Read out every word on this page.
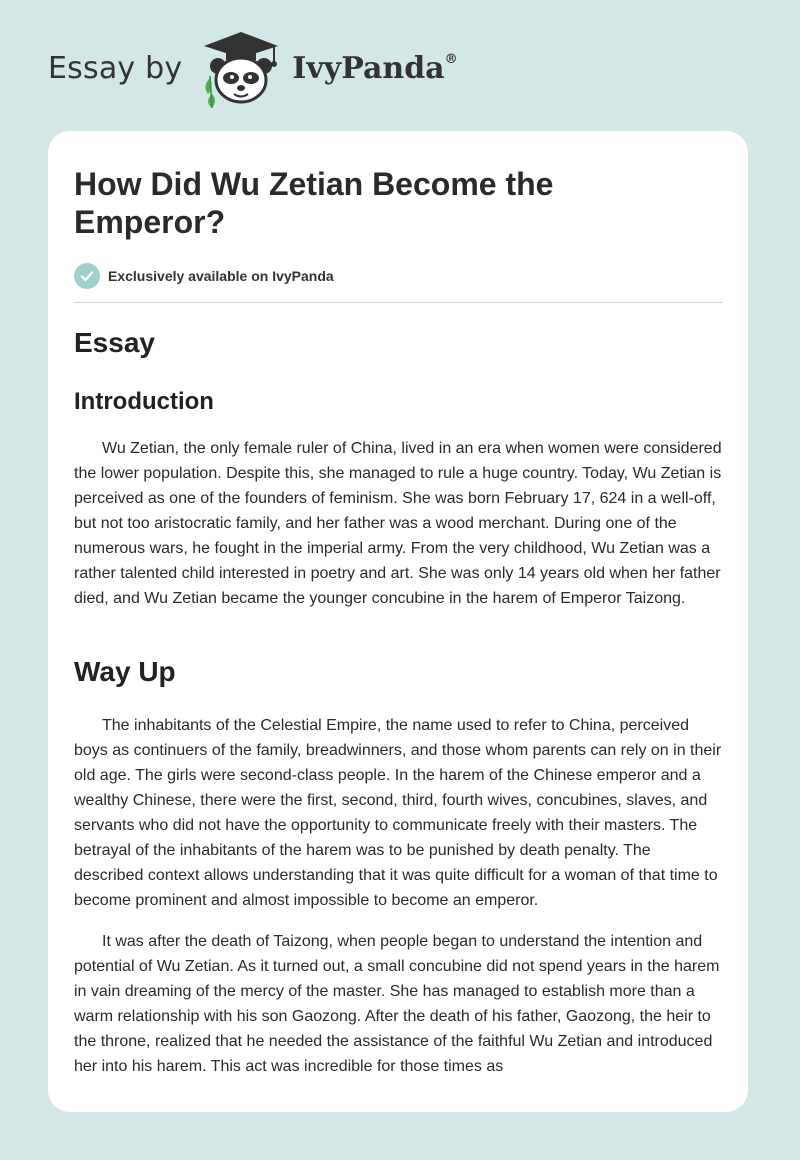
Essay by	IvyPanda®
How Did Wu Zetian Become the Emperor?
Exclusively available on IvyPanda
Essay
Introduction

Wu Zetian, the only female ruler of China, lived in an era when women were considered the lower population. Despite this, she managed to rule a huge country. Today, Wu Zetian is perceived as one of the founders of feminism. She was born February 17, 624 in a well-off, but not too aristocratic family, and her father was a wood merchant. During one of the numerous wars, he fought in the imperial army. From the very childhood, Wu Zetian was a rather talented child interested in poetry and art. She was only 14 years old when her father died, and Wu Zetian became the younger concubine in the harem of Emperor Taizong.

Way Up

The inhabitants of the Celestial Empire, the name used to refer to China, perceived boys as continuers of the family, breadwinners, and those whom parents can rely on in their old age. The girls were second-class people. In the harem of the Chinese emperor and a wealthy Chinese, there were the first, second, third, fourth wives, concubines, slaves, and servants who did not have the opportunity to communicate freely with their masters. The betrayal of the inhabitants of the harem was to be punished by death penalty. The described context allows understanding that it was quite difficult for a woman of that time to become prominent and almost impossible to become an emperor.

It was after the death of Taizong, when people began to understand the intention and potential of Wu Zetian. As it turned out, a small concubine did not spend years in the harem in vain dreaming of the mercy of the master. She has managed to establish more than a warm relationship with his son Gaozong. After the death of his father, Gaozong, the heir to the throne, realized that he needed the assistance of the faithful Wu Zetian and introduced her into his harem. This act was incredible for those times as
